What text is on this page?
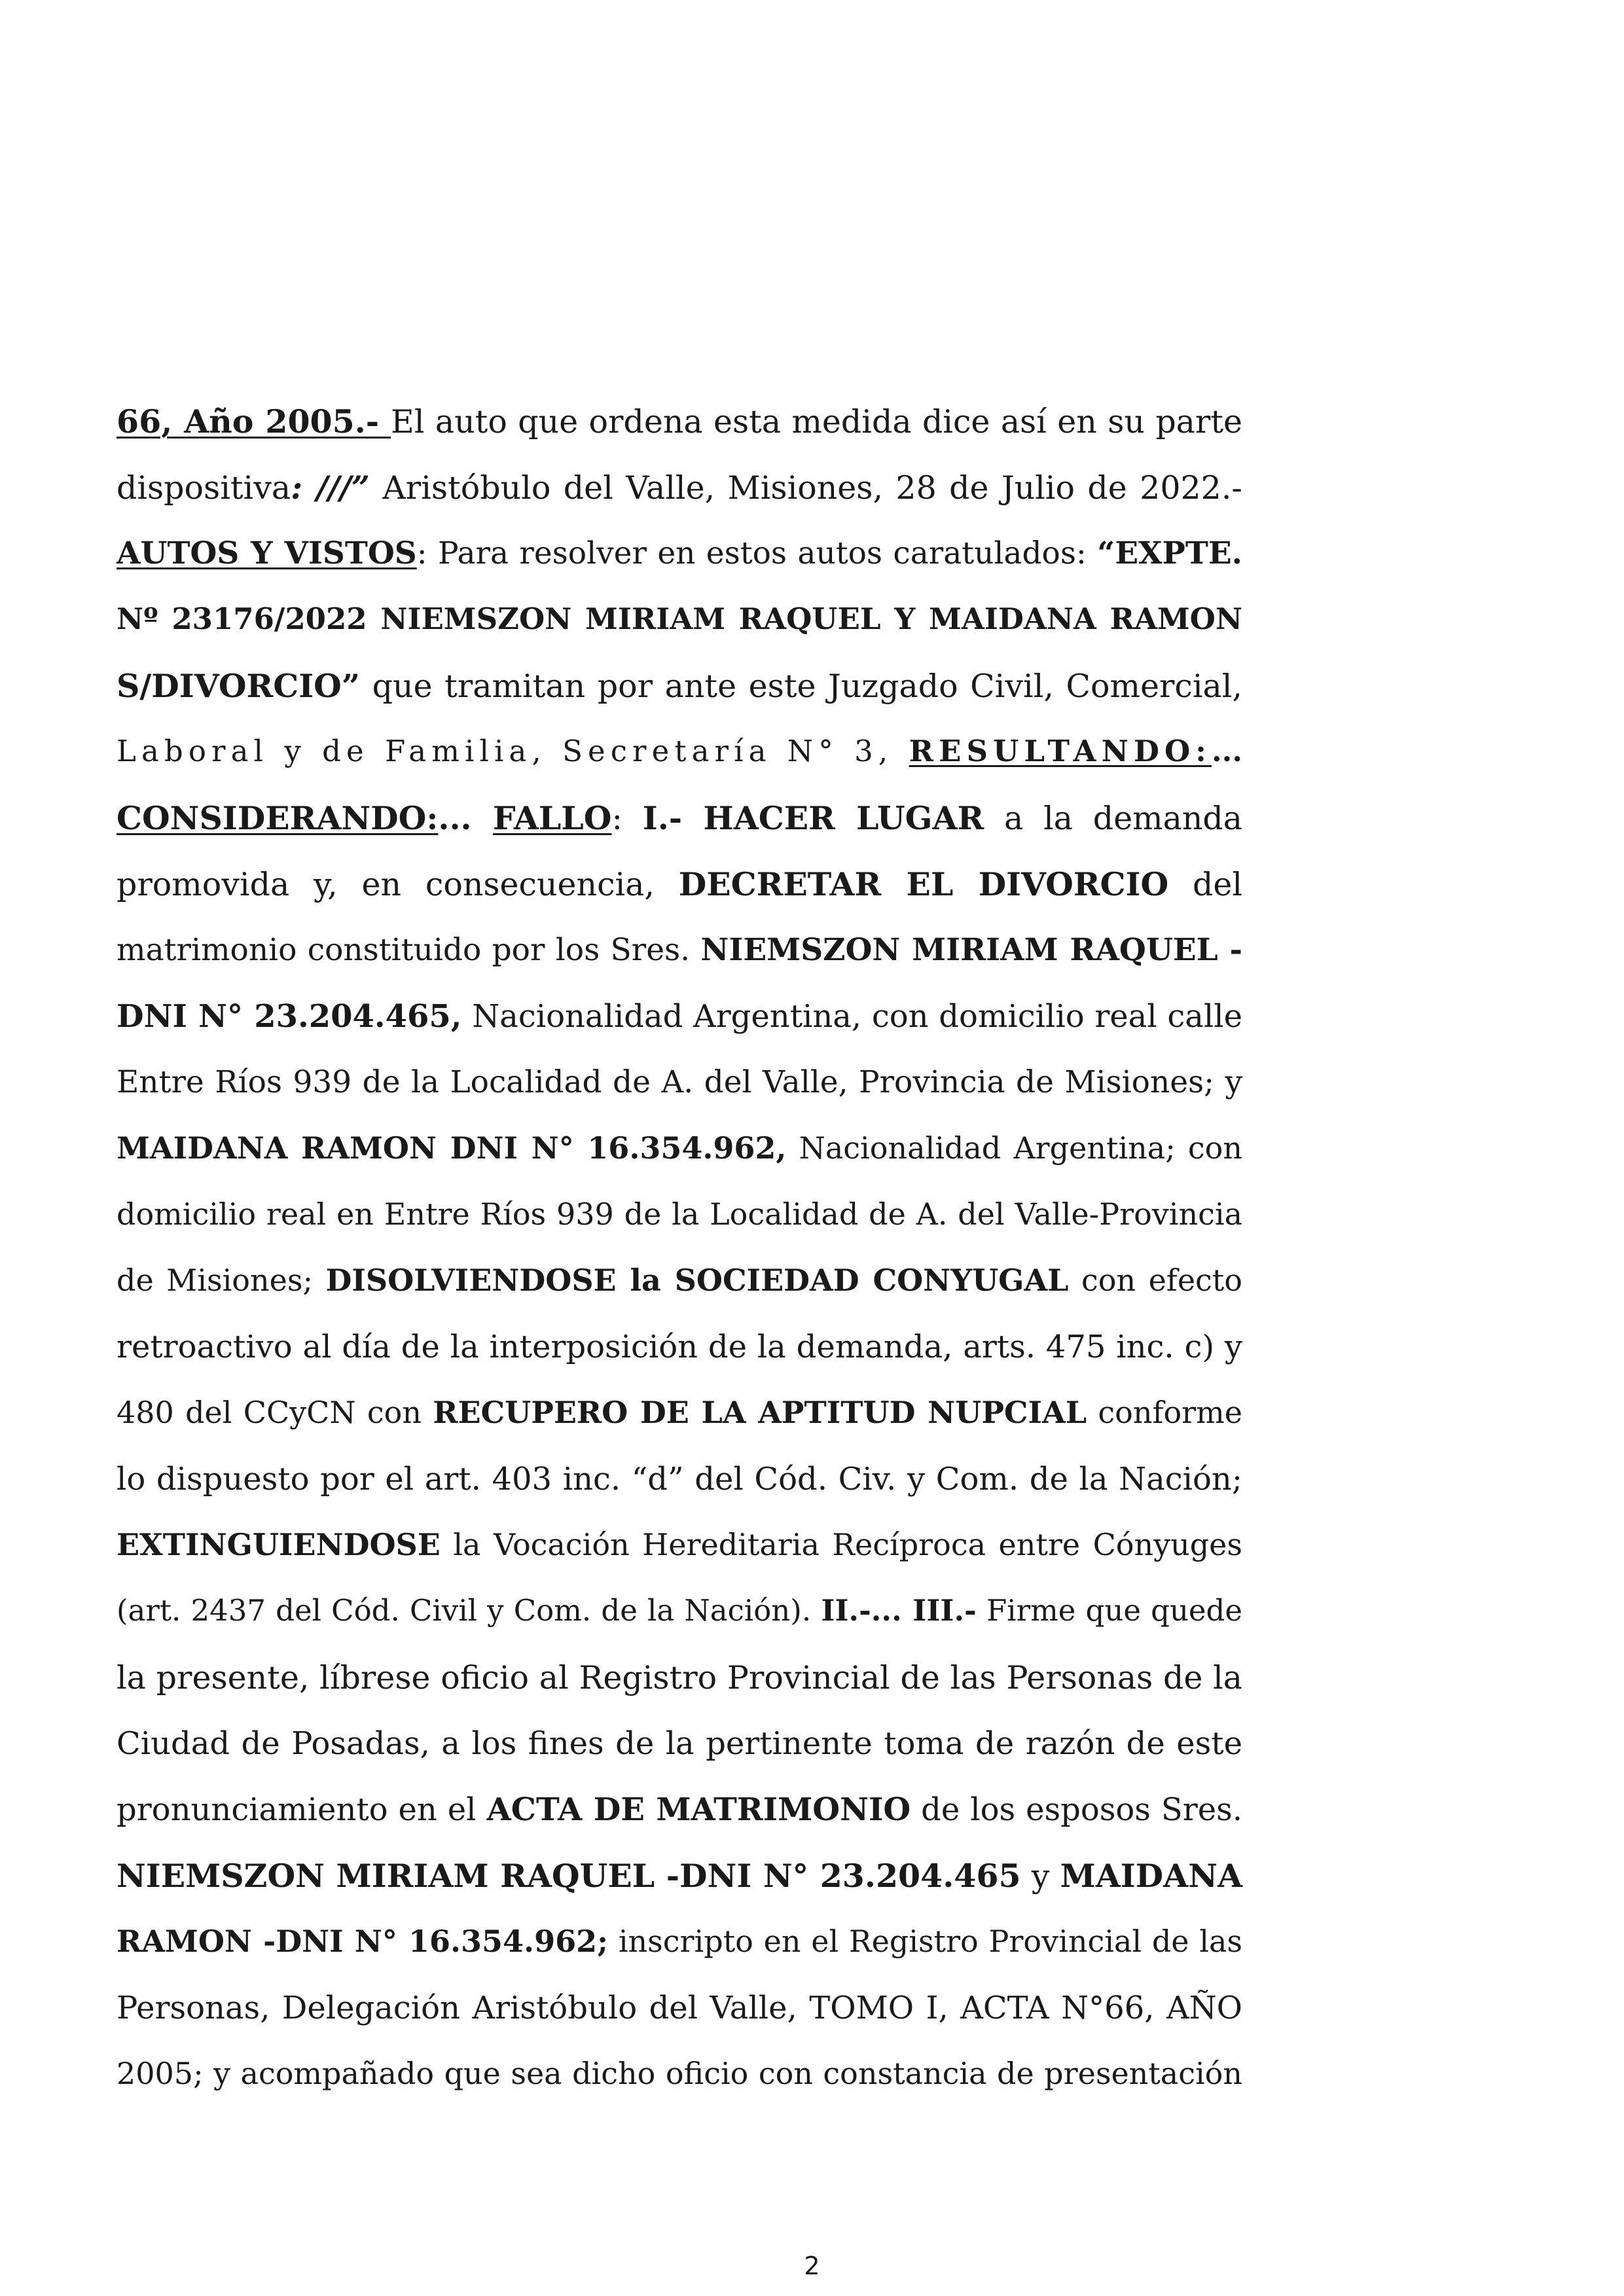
66, Año 2005.- El auto que ordena esta medida dice así en su parte
dispositiva: ///” Aristóbulo del Valle, Misiones, 28 de Julio de 2022.-
AUTOS Y VISTOS: Para resolver en estos autos caratulados: “EXPTE.
Nº 23176/2022 NIEMSZON MIRIAM RAQUEL Y MAIDANA RAMON
S/DIVORCIO” que tramitan por ante este Juzgado Civil, Comercial,
Laboral y de Familia, Secretaría N° 3, RESULTANDO:...
CONSIDERANDO:... FALLO: I.- HACER LUGAR a la demanda
promovida y, en consecuencia, DECRETAR EL DIVORCIO del
matrimonio constituido por los Sres. NIEMSZON MIRIAM RAQUEL -
DNI N° 23.204.465, Nacionalidad Argentina, con domicilio real calle
Entre Ríos 939 de la Localidad de A. del Valle, Provincia de Misiones; y
MAIDANA RAMON DNI N° 16.354.962, Nacionalidad Argentina; con
domicilio real en Entre Ríos 939 de la Localidad de A. del Valle-Provincia
de Misiones; DISOLVIENDOSE la SOCIEDAD CONYUGAL con efecto
retroactivo al día de la interposición de la demanda, arts. 475 inc. c) y
480 del CCyCN con RECUPERO DE LA APTITUD NUPCIAL conforme
lo dispuesto por el art. 403 inc. “d” del Cód. Civ. y Com. de la Nación;
EXTINGUIENDOSE la Vocación Hereditaria Recíproca entre Cónyuges
(art. 2437 del Cód. Civil y Com. de la Nación). II.-... III.- Firme que quede
la presente, líbrese oficio al Registro Provincial de las Personas de la
Ciudad de Posadas, a los fines de la pertinente toma de razón de este
pronunciamiento en el ACTA DE MATRIMONIO de los esposos Sres.
NIEMSZON MIRIAM RAQUEL -DNI N° 23.204.465 y MAIDANA
RAMON -DNI N° 16.354.962; inscripto en el Registro Provincial de las
Personas, Delegación Aristóbulo del Valle, TOMO I, ACTA N°66, AÑO
2005; y acompañado que sea dicho oficio con constancia de presentación
2
